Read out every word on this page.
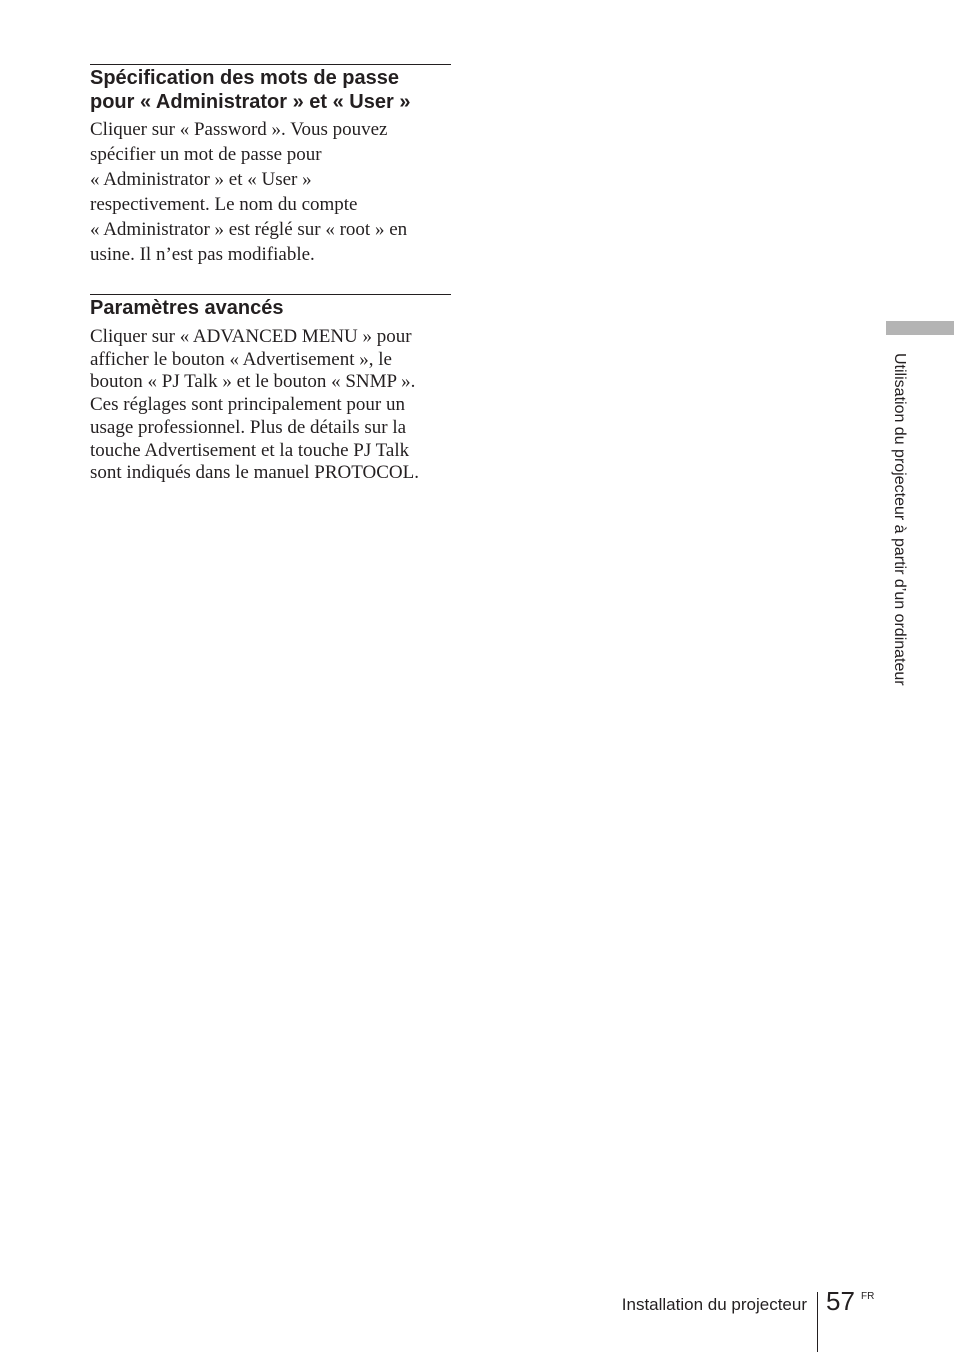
Spécification des mots de passe
pour « Administrator » et « User »

Cliquer sur « Password ». Vous pouvez
spécifier un mot de passe pour
« Administrator » et « User »
respectivement. Le nom du compte
« Administrator » est réglé sur « root » en
usine. Il n’est pas modifiable.

Paramètres avancés

Cliquer sur « ADVANCED MENU » pour
afficher le bouton « Advertisement », le
bouton « PJ Talk » et le bouton « SNMP ».
Ces réglages sont principalement pour un
usage professionnel. Plus de détails sur la
touche Advertisement et la touche PJ Talk
sont indiqués dans le manuel PROTOCOL.	Utilisation du projecteur à partir d’un ordinateur
Installation du projecteur 57 FR
